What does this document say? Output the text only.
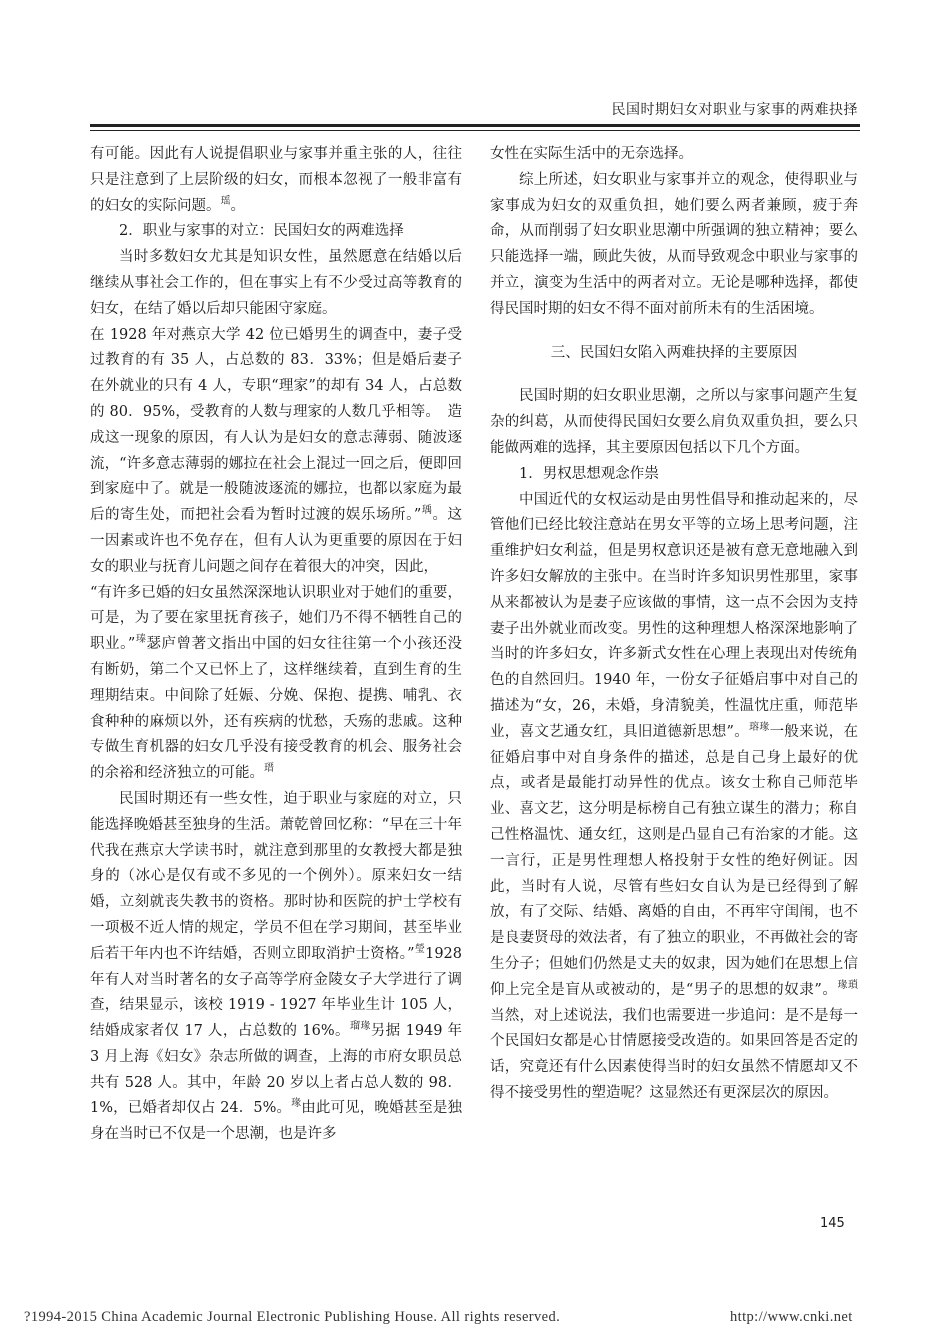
民国时期妇女对职业与家事的两难抉择

有可能。因此有人说提倡职业与家事并重主张的人，往往只是注意到了上层阶级的妇女，而根本忽视了一般非富有的妇女的实际问题。$^瑶$。

2．职业与家事的对立：民国妇女的两难选择

当时多数妇女尤其是知识女性，虽然愿意在结婚以后继续从事社会工作的，但在事实上有不少受过高等教育的妇女，在结了婚以后却只能困守家庭。

在 1928 年对燕京大学 42 位已婚男生的调查中，妻子受过教育的有 35 人，占总数的 83．33%；但是婚后妻子在外就业的只有 4 人，专职“理家”的却有 34 人，占总数的 80．95%，受教育的人数与理家的人数几乎相等。　造成这一现象的原因，有人认为是妇女的意志薄弱、随波逐流，“许多意志薄弱的娜拉在社会上混过一回之后，便即回到家庭中了。就是一般随波逐流的娜拉，也都以家庭为最后的寄生处，而把社会看为暂时过渡的娱乐场所。”$^瑀$。这一因素或许也不免存在，但有人认为更重要的原因在于妇女的职业与抚育儿问题之间存在着很大的冲突，因此，

“有许多已婚的妇女虽然深深地认识职业对于她们的重要，可是，为了要在家里抚育孩子，她们乃不得不牺牲自己的职业。”$^瑧$瑟庐曾著文指出中国的妇女往往第一个小孩还没有断奶，第二个又已怀上了，这样继续着，直到生育的生理期结束。中间除了妊娠、分娩、保抱、提携、哺乳、衣食种种的麻烦以外，还有疾病的忧愁，夭殇的悲戚。这种专做生育机器的妇女几乎没有接受教育的机会、服务社会的余裕和经济独立的可能。$^瑨$

民国时期还有一些女性，迫于职业与家庭的对立，只能选择晚婚甚至独身的生活。萧乾曾回忆称：“早在三十年代我在燕京大学读书时，就注意到那里的女教授大都是独身的（冰心是仅有或不多见的一个例外）。原来妇女一结婚，立刻就丧失教书的资格。那时协和医院的护士学校有一项极不近人情的规定，学员不但在学习期间，甚至毕业后若干年内也不许结婚，否则立即取消护士资格。”$^瑩$1928 年有人对当时著名的女子高等学府金陵女子大学进行了调查，结果显示，该校 1919 - 1927 年毕业生计 105 人，结婚成家者仅 17 人，占总数的 16%。$^{瑠瑑}$另据 1949 年 3 月上海《妇女》杂志所做的调查，上海的市府女职员总共有 528 人。其中，年龄 20 岁以上者占总人数的 98．1%，已婚者却仅占 24．5%。$^瑑$由此可见，晚婚甚至是独身在当时已不仅是一个思潮，也是许多

女性在实际生活中的无奈选择。

综上所述，妇女职业与家事并立的观念，使得职业与家事成为妇女的双重负担，她们要么两者兼顾，疲于奔命，从而削弱了妇女职业思潮中所强调的独立精神；要么只能选择一端，顾此失彼，从而导致观念中职业与家事的并立，演变为生活中的两者对立。无论是哪种选择，都使得民国时期的妇女不得不面对前所未有的生活困境。

三、民国妇女陷入两难抉择的主要原因

民国时期的妇女职业思潮，之所以与家事问题产生复杂的纠葛，从而使得民国妇女要么肩负双重负担，要么只能做两难的选择，其主要原因包括以下几个方面。

1．男权思想观念作祟

中国近代的女权运动是由男性倡导和推动起来的，尽管他们已经比较注意站在男女平等的立场上思考问题，注重维护妇女利益，但是男权意识还是被有意无意地融入到许多妇女解放的主张中。在当时许多知识男性那里，家事从来都被认为是妻子应该做的事情，这一点不会因为支持妻子出外就业而改变。男性的这种理想人格深深地影响了当时的许多妇女，许多新式女性在心理上表现出对传统角色的自然回归。1940 年，一份女子征婚启事中对自己的描述为“女，26，未婚，身清貌美，性温忱庄重，师范毕业，喜文艺通女红，具旧道德新思想”。$^{瑢瑑}$一般来说，在征婚启事中对自身条件的描述，总是自己身上最好的优点，或者是最能打动异性的优点。该女士称自己师范毕业、喜文艺，这分明是标榜自己有独立谋生的潜力；称自己性格温忱、通女红，这则是凸显自己有治家的才能。这一言行，正是男性理想人格投射于女性的绝好例证。因此，当时有人说，尽管有些妇女自认为是已经得到了解放，有了交际、结婚、离婚的自由，不再牢守闺闱，也不是良妻贤母的效法者，有了独立的职业，不再做社会的寄生分子；但她们仍然是丈夫的奴隶，因为她们在思想上信仰上完全是盲从或被动的，是“男子的思想的奴隶”。$^{瑑瑣}$当然，对上述说法，我们也需要进一步追问：是不是每一个民国妇女都是心甘情愿接受改造的。如果回答是否定的话，究竟还有什么因素使得当时的妇女虽然不情愿却又不得不接受男性的塑造呢？这显然还有更深层次的原因。

145
?1994-2015 China Academic Journal Electronic Publishing House. All rights reserved.	http://www.cnki.net
